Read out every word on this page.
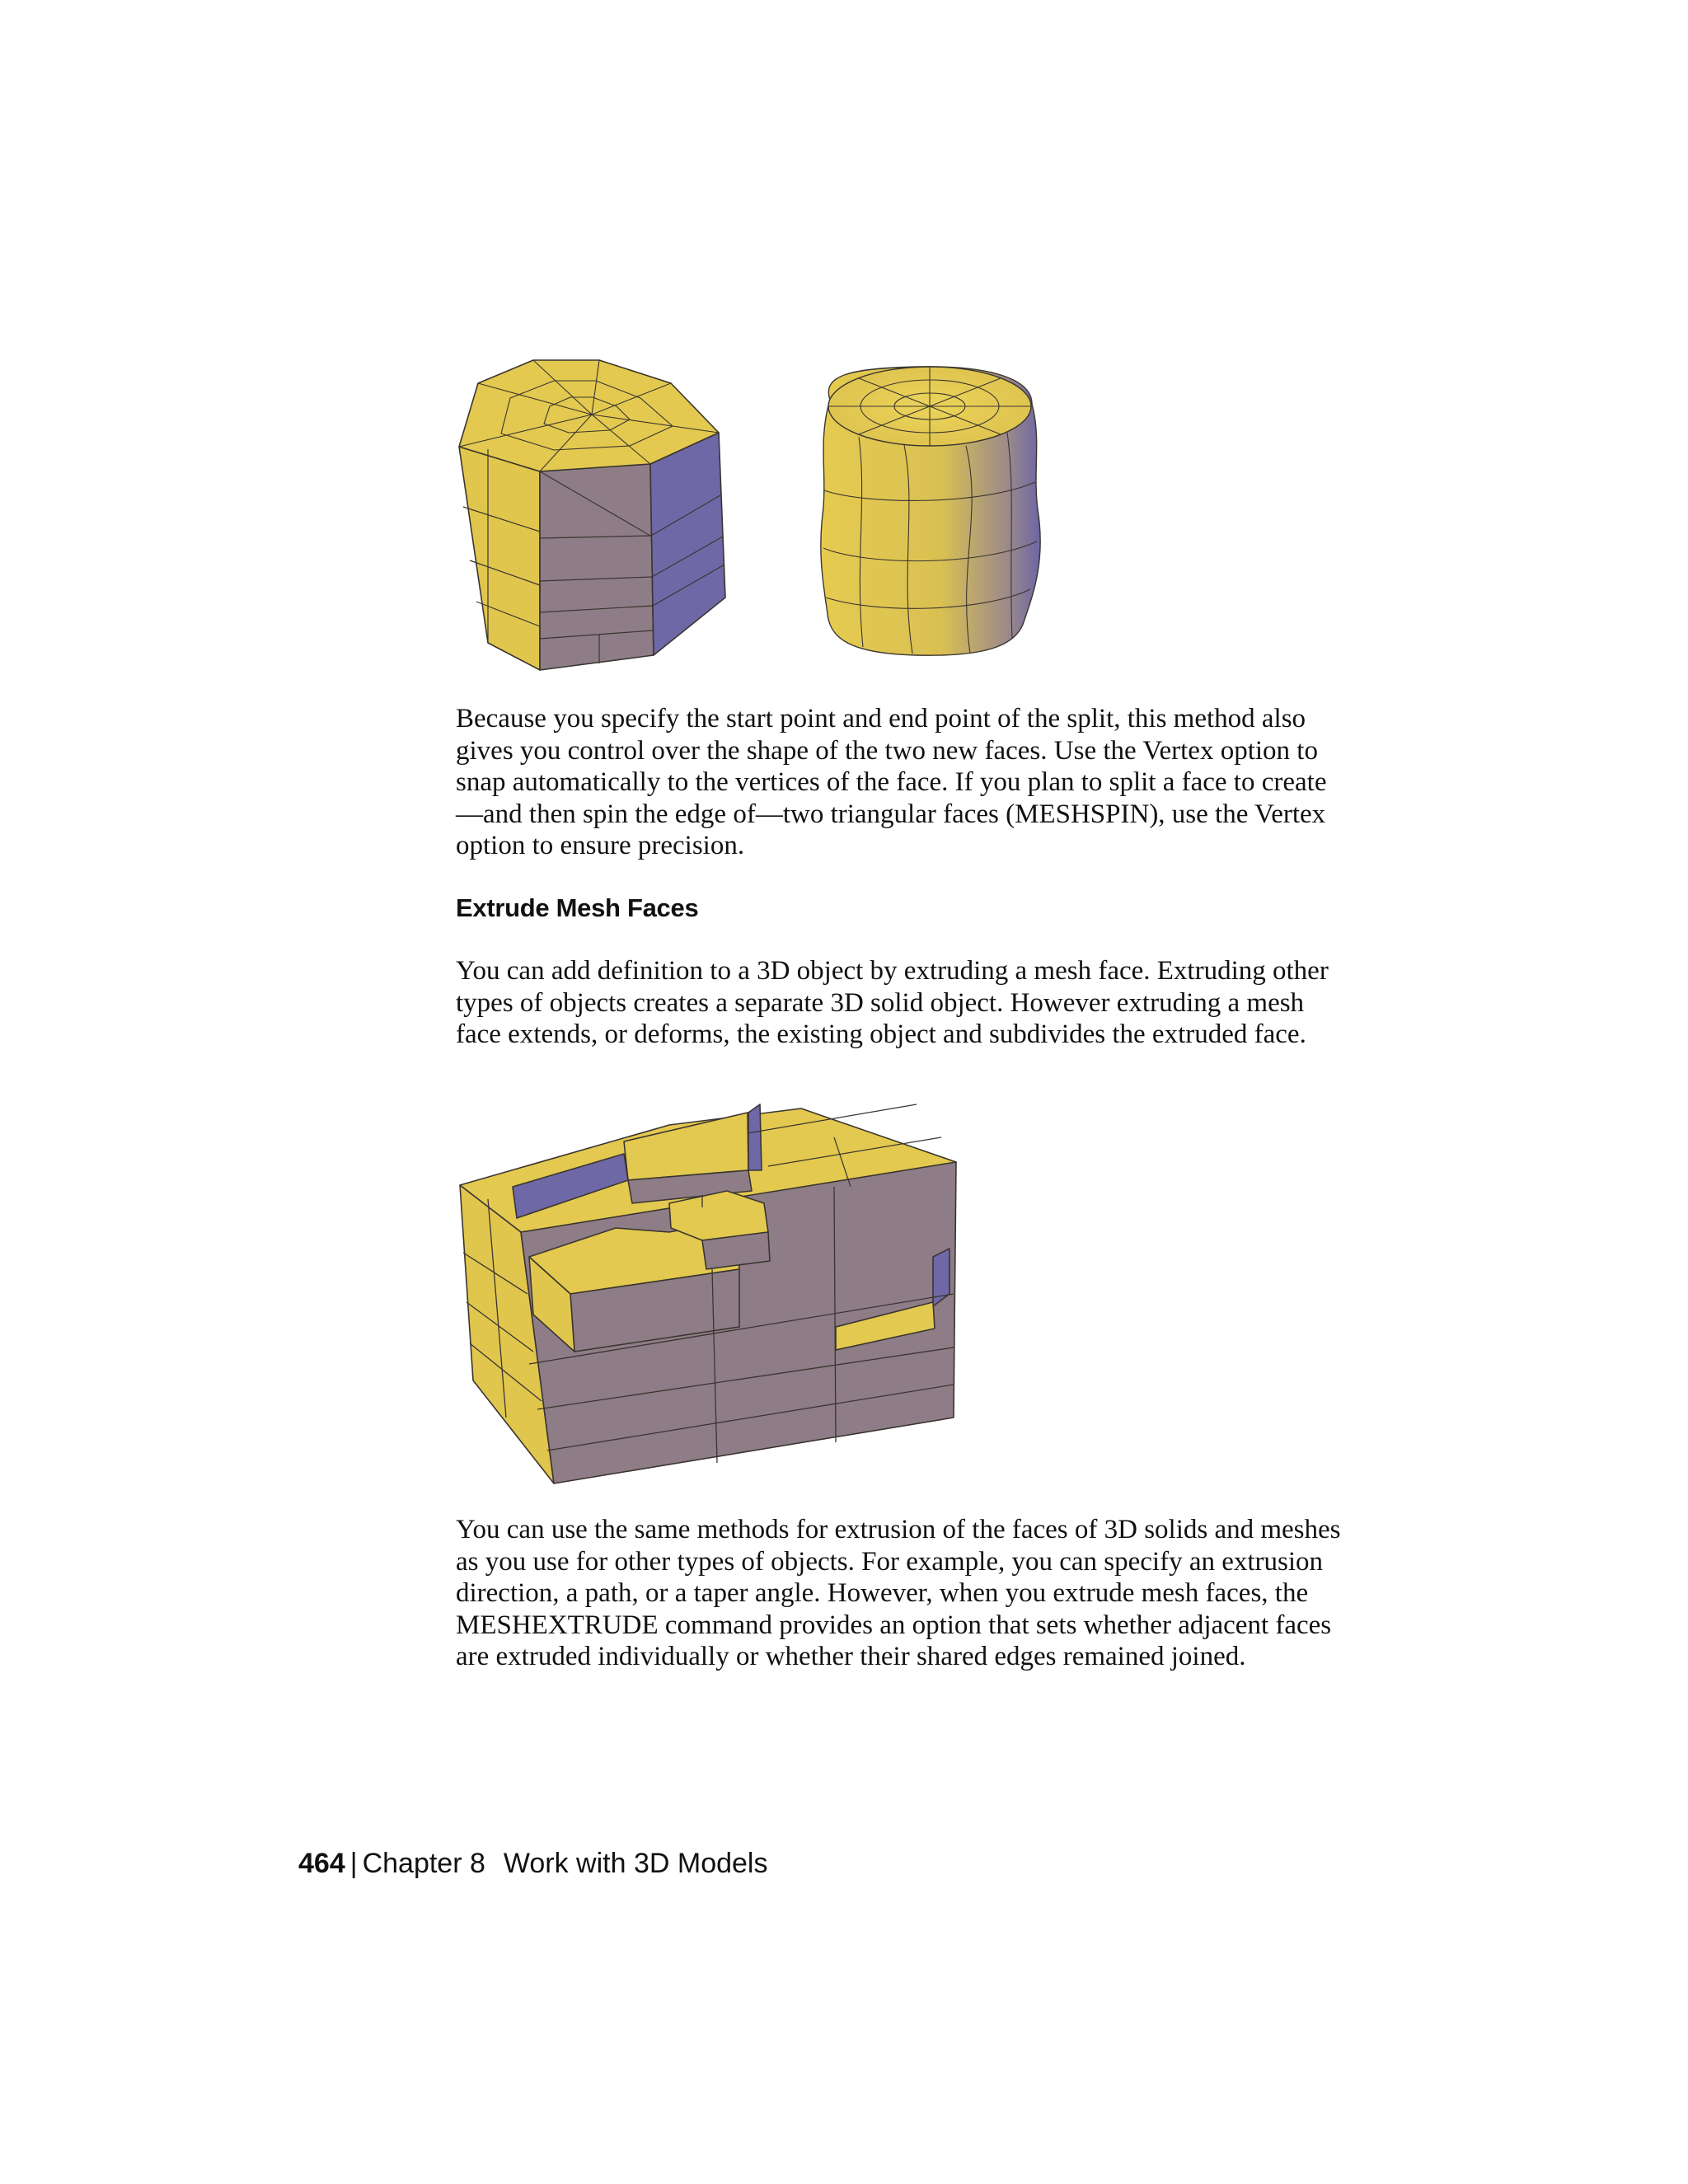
Because you specify the start point and end point of the split, this method also gives you control over the shape of the two new faces. Use the Vertex option to snap automatically to the vertices of the face. If you plan to split a face to create—and then spin the edge of—two triangular faces (MESHSPIN), use the Vertex option to ensure precision.

Extrude Mesh Faces

You can add definition to a 3D object by extruding a mesh face. Extruding other types of objects creates a separate 3D solid object. However extruding a mesh face extends, or deforms, the existing object and subdivides the extruded face.

You can use the same methods for extrusion of the faces of 3D solids and meshes as you use for other types of objects. For example, you can specify an extrusion direction, a path, or a taper angle. However, when you extrude mesh faces, the MESHEXTRUDE command provides an option that sets whether adjacent faces are extruded individually or whether their shared edges remained joined.

464 | Chapter 8 Work with 3D Models
